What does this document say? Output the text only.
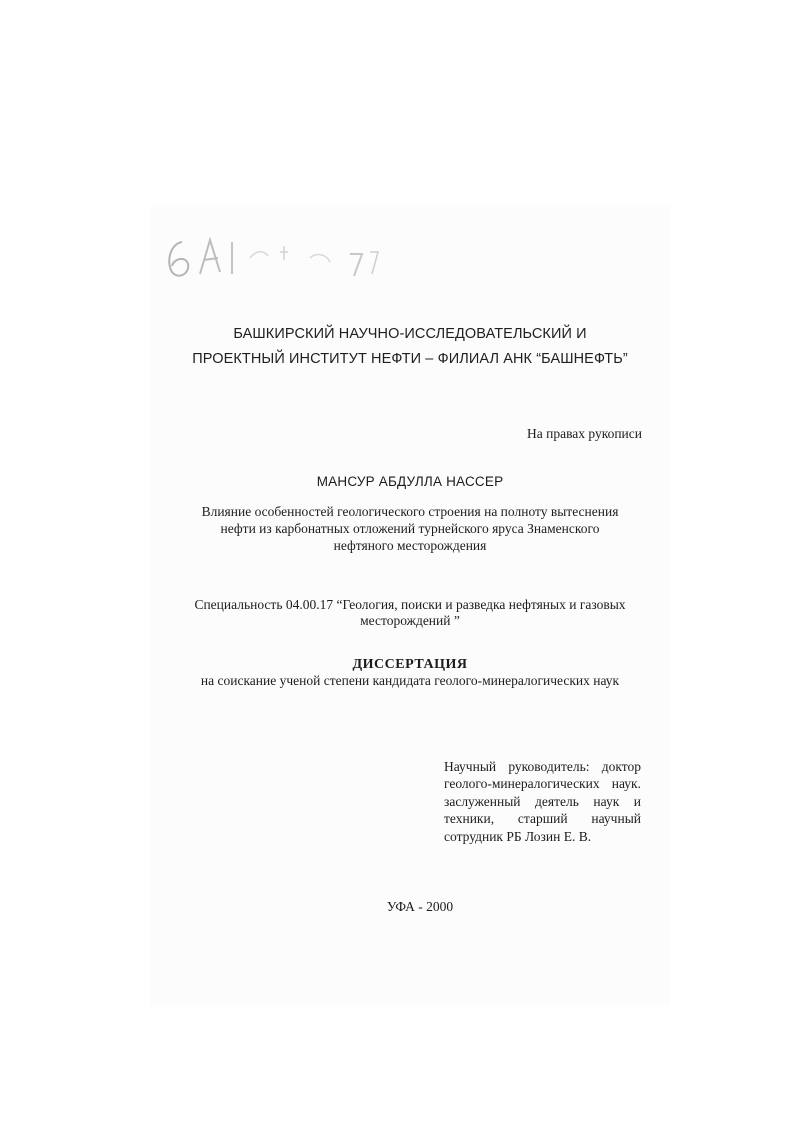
БАШКИРСКИЙ НАУЧНО-ИССЛЕДОВАТЕЛЬСКИЙ И

ПРОЕКТНЫЙ ИНСТИТУТ НЕФТИ – ФИЛИАЛ АНК “БАШНЕФТЬ”

На правах рукописи

МАНСУР АБДУЛЛА НАССЕР

Влияние особенностей геологического строения на полноту вытеснения

нефти из карбонатных отложений турнейского яруса Знаменского

нефтяного месторождения

Специальность 04.00.17 “Геология, поиски и разведка нефтяных и газовых

месторождений ”

ДИССЕРТАЦИЯ

на соискание ученой степени кандидата геолого-минералогических наук

Научный руководитель: доктор геолого-минералогических наук. заслуженный деятель наук и техники, старший научный сотрудник РБ Лозин Е. В.

УФА - 2000
